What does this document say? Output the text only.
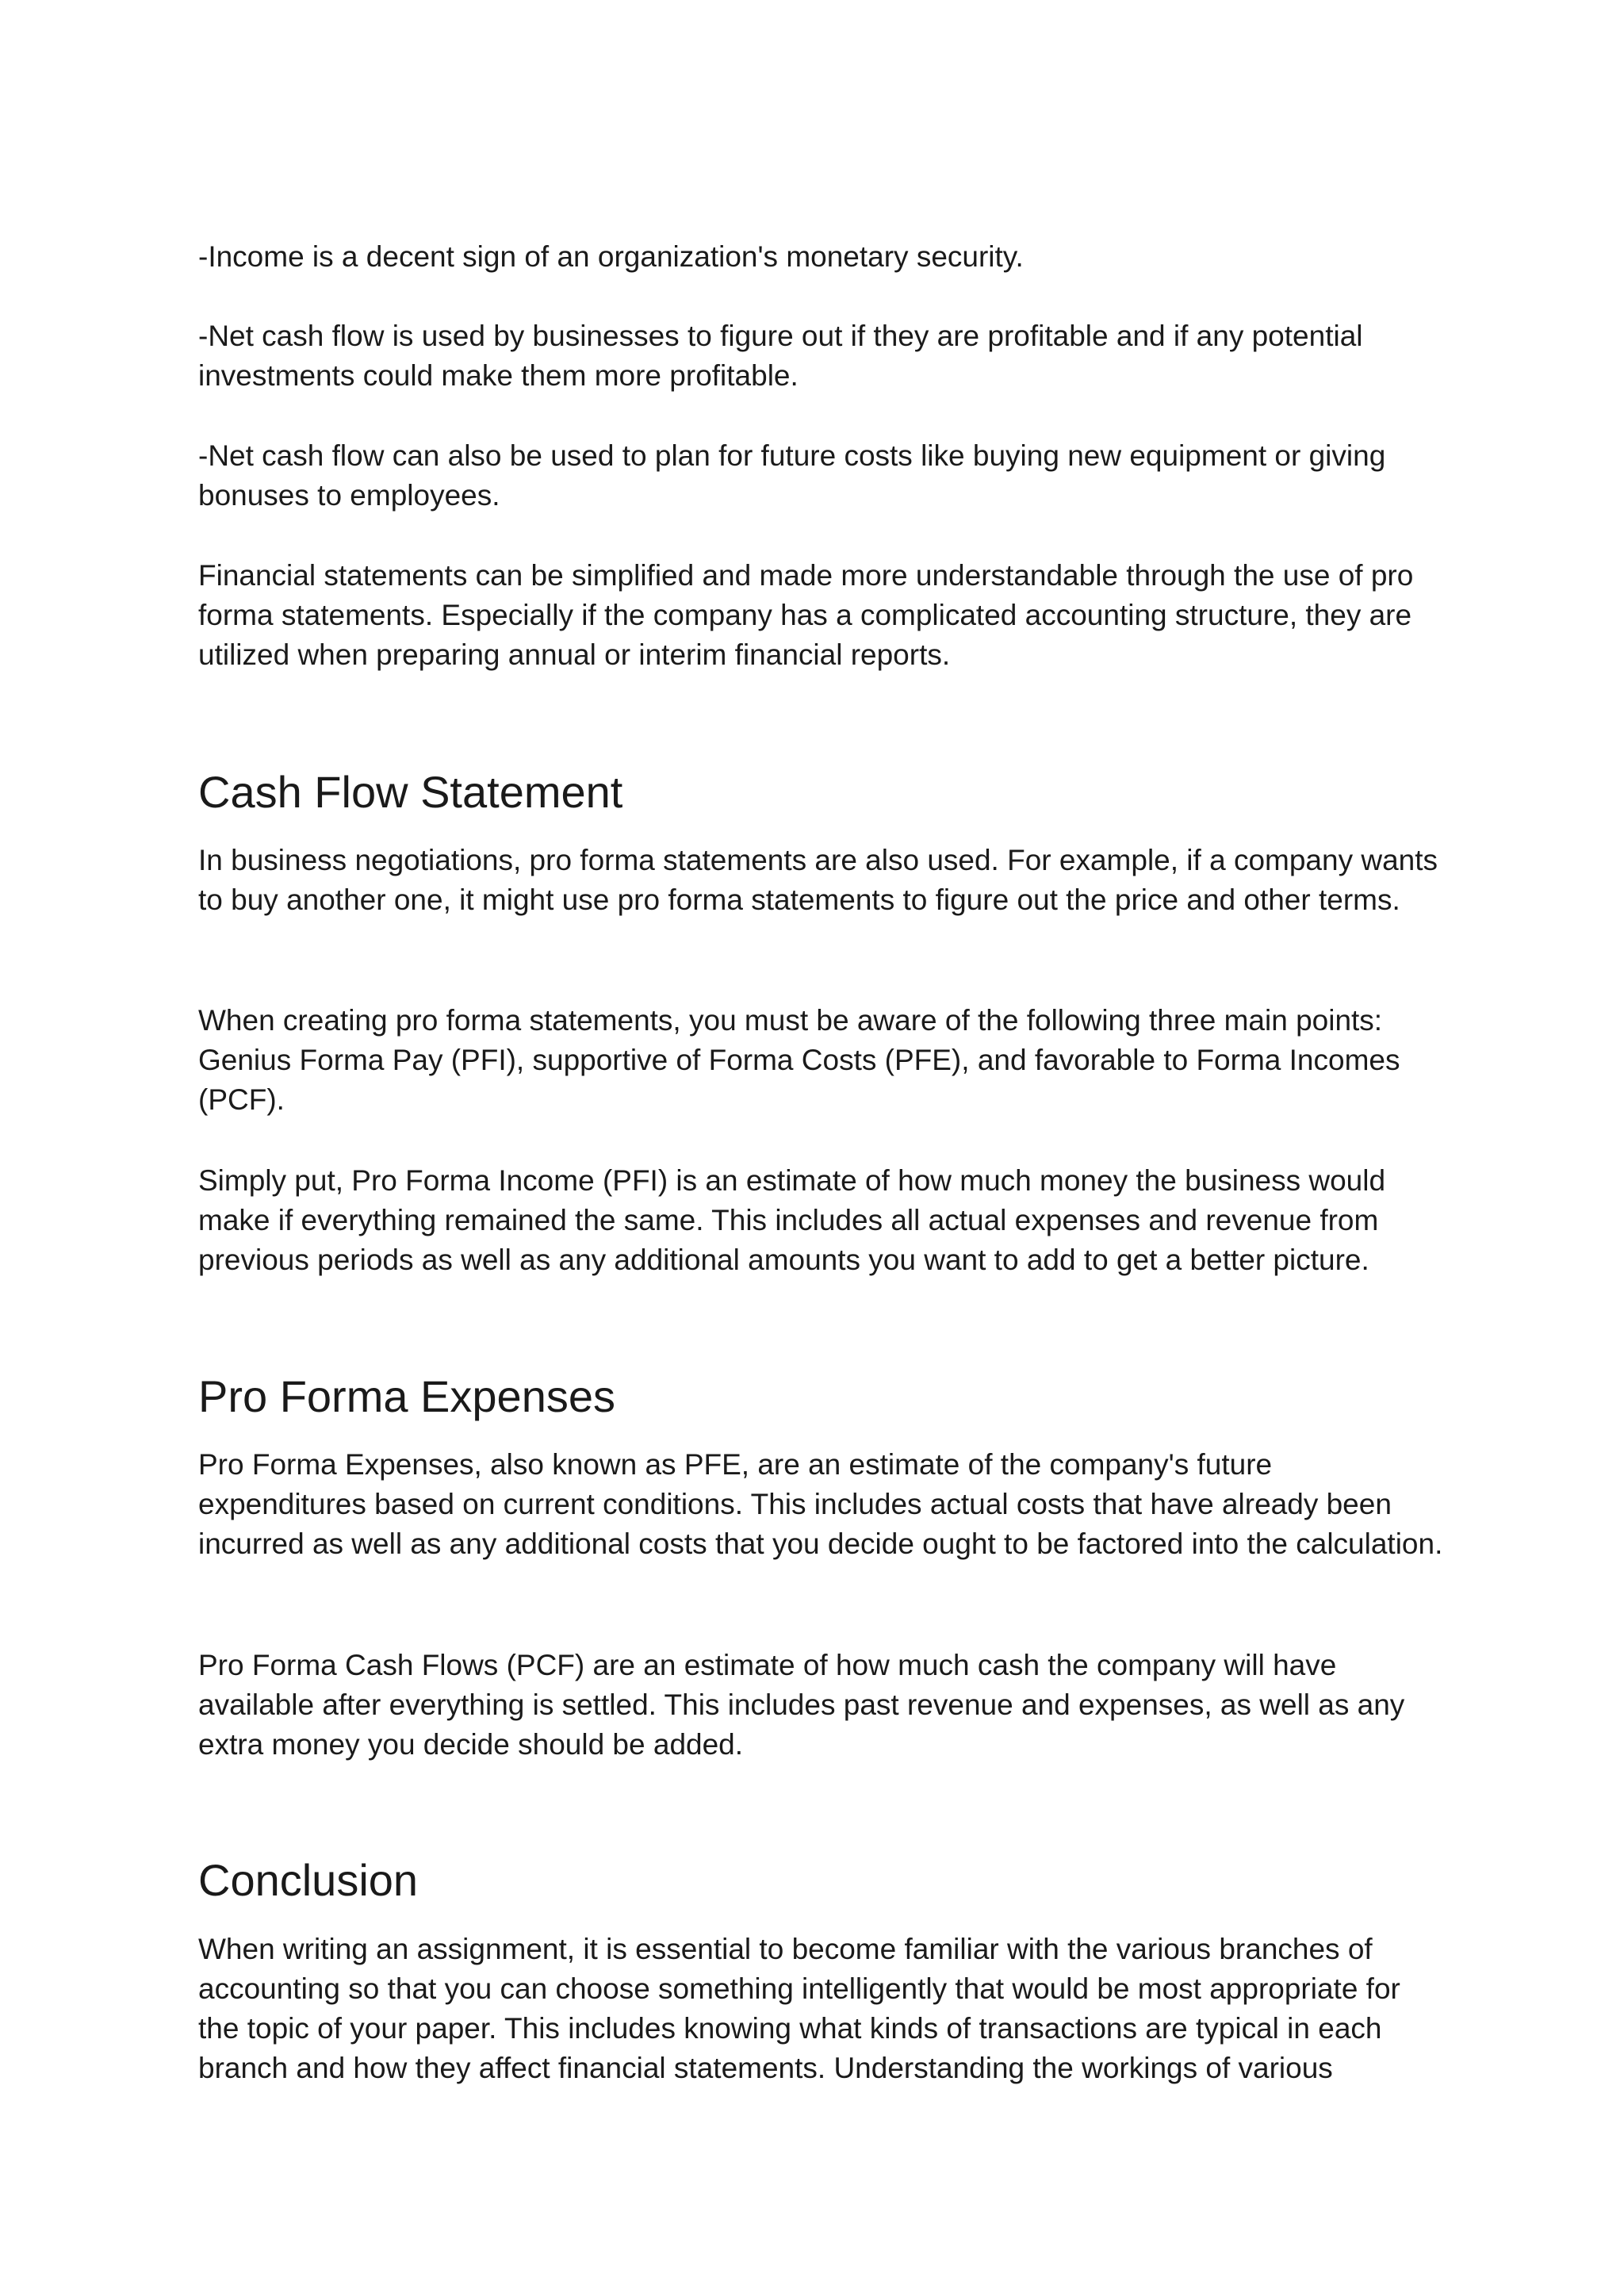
-Income is a decent sign of an organization's monetary security.

-Net cash flow is used by businesses to figure out if they are profitable and if any potential investments could make them more profitable.

-Net cash flow can also be used to plan for future costs like buying new equipment or giving bonuses to employees.

Financial statements can be simplified and made more understandable through the use of pro forma statements. Especially if the company has a complicated accounting structure, they are utilized when preparing annual or interim financial reports.

Cash Flow Statement

In business negotiations, pro forma statements are also used. For example, if a company wants to buy another one, it might use pro forma statements to figure out the price and other terms.

When creating pro forma statements, you must be aware of the following three main points: Genius Forma Pay (PFI), supportive of Forma Costs (PFE), and favorable to Forma Incomes (PCF).

Simply put, Pro Forma Income (PFI) is an estimate of how much money the business would make if everything remained the same. This includes all actual expenses and revenue from previous periods as well as any additional amounts you want to add to get a better picture.

Pro Forma Expenses

Pro Forma Expenses, also known as PFE, are an estimate of the company's future expenditures based on current conditions. This includes actual costs that have already been incurred as well as any additional costs that you decide ought to be factored into the calculation.

Pro Forma Cash Flows (PCF) are an estimate of how much cash the company will have available after everything is settled. This includes past revenue and expenses, as well as any extra money you decide should be added.

Conclusion

When writing an assignment, it is essential to become familiar with the various branches of accounting so that you can choose something intelligently that would be most appropriate for the topic of your paper. This includes knowing what kinds of transactions are typical in each branch and how they affect financial statements. Understanding the workings of various
